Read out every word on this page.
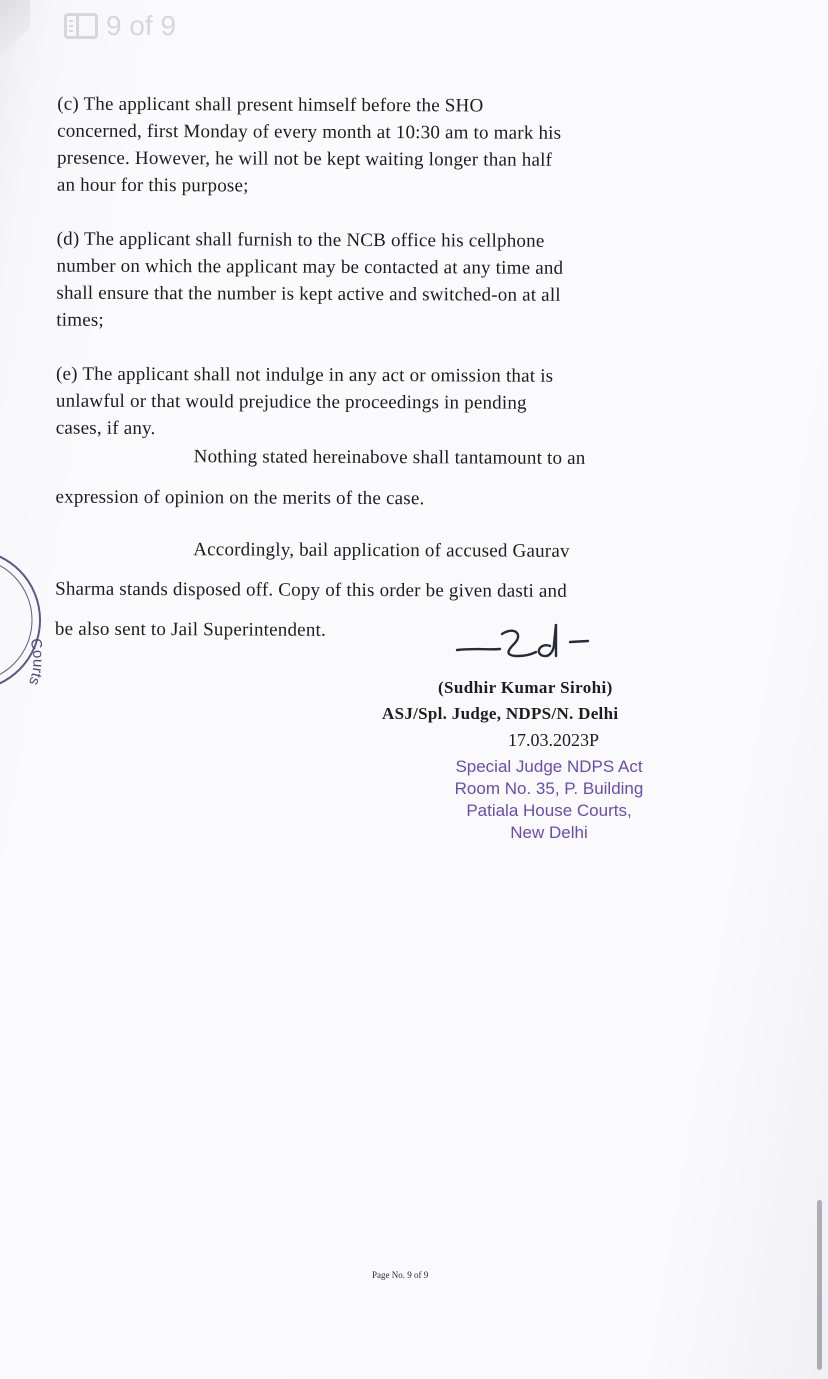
9 of 9
Courts

(c) The applicant shall present himself before the SHO
concerned, first Monday of every month at 10:30 am to mark his
presence. However, he will not be kept waiting longer than half
an hour for this purpose;

(d) The applicant shall furnish to the NCB office his cellphone
number on which the applicant may be contacted at any time and
shall ensure that the number is kept active and switched-on at all
times;

(e) The applicant shall not indulge in any act or omission that is
unlawful or that would prejudice the proceedings in pending
cases, if any.

Nothing stated hereinabove shall tantamount to an
expression of opinion on the merits of the case.

Accordingly, bail application of accused Gaurav
Sharma stands disposed off. Copy of this order be given dasti and
be also sent to Jail Superintendent.

(Sudhir Kumar Sirohi)
ASJ/Spl. Judge, NDPS/N. Delhi
17.03.2023P
Special Judge NDPS Act
Room No. 35, P. Building
Patiala House Courts,
New Delhi
Page No. 9 of 9
